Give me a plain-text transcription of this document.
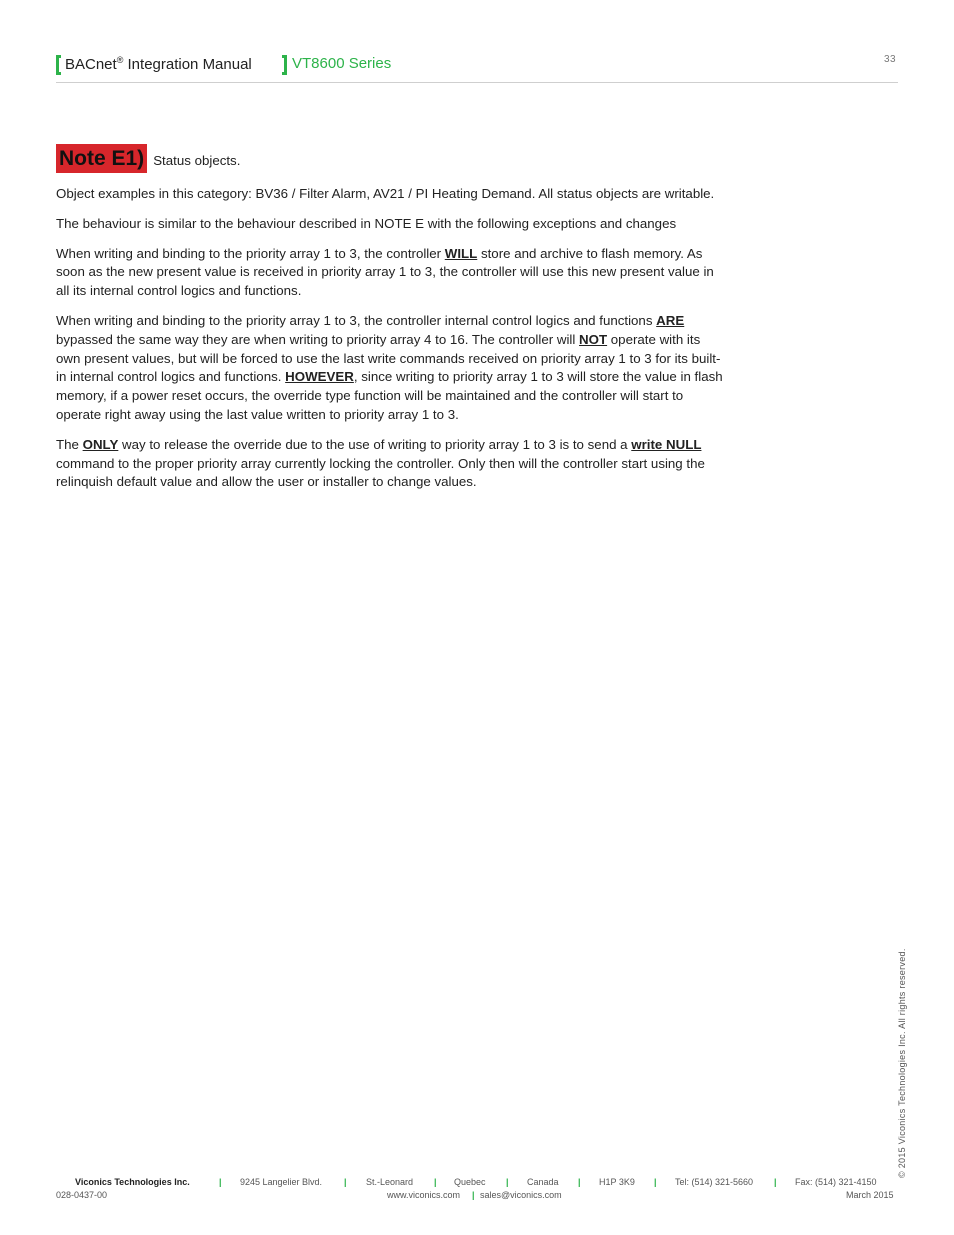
BACnet® Integration Manual	VT8600 Series	33
Note E1) Status objects.

Object examples in this category: BV36 / Filter Alarm, AV21 / PI Heating Demand. All status objects are writable.

The behaviour is similar to the behaviour described in NOTE E with the following exceptions and changes

When writing and binding to the priority array 1 to 3, the controller WILL store and archive to flash memory. As soon as the new present value is received in priority array 1 to 3, the controller will use this new present value in all its internal control logics and functions.

When writing and binding to the priority array 1 to 3, the controller internal control logics and functions ARE bypassed the same way they are when writing to priority array 4 to 16. The controller will NOT operate with its own present values, but will be forced to use the last write commands received on priority array 1 to 3 for its built-in internal control logics and functions. HOWEVER, since writing to priority array 1 to 3 will store the value in flash memory, if a power reset occurs, the override type function will be maintained and the controller will start to operate right away using the last value written to priority array 1 to 3.

The ONLY way to release the override due to the use of writing to priority array 1 to 3 is to send a write NULL command to the proper priority array currently locking the controller. Only then will the controller start using the relinquish default value and allow the user or installer to change values.

© 2015 Viconics Technologies Inc. All rights reserved.
Viconics Technologies Inc.	| 9245 Langelier Blvd. | St.-Leonard | Quebec | Canada | H1P 3K9 | Tel: (514) 321-5660 | Fax: (514) 321-4150
028-0437-00	www.viconics.com | sales@viconics.com	March 2015
